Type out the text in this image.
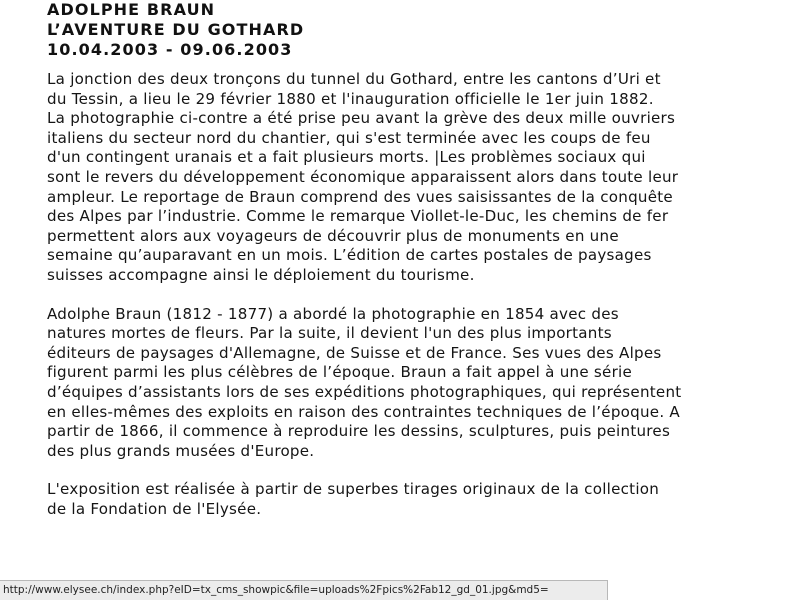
ADOLPHE BRAUN
L’AVENTURE DU GOTHARD
10.04.2003 - 09.06.2003

La jonction des deux tronçons du tunnel du Gothard, entre les cantons d’Uri et
du Tessin, a lieu le 29 février 1880 et l'inauguration officielle le 1er juin 1882.
La photographie ci-contre a été prise peu avant la grève des deux mille ouvriers
italiens du secteur nord du chantier, qui s'est terminée avec les coups de feu
d'un contingent uranais et a fait plusieurs morts. |Les problèmes sociaux qui
sont le revers du développement économique apparaissent alors dans toute leur
ampleur. Le reportage de Braun comprend des vues saisissantes de la conquête
des Alpes par l’industrie. Comme le remarque Viollet-le-Duc, les chemins de fer
permettent alors aux voyageurs de découvrir plus de monuments en une
semaine qu’auparavant en un mois. L’édition de cartes postales de paysages
suisses accompagne ainsi le déploiement du tourisme.

Adolphe Braun (1812 - 1877) a abordé la photographie en 1854 avec des
natures mortes de fleurs. Par la suite, il devient l'un des plus importants
éditeurs de paysages d'Allemagne, de Suisse et de France. Ses vues des Alpes
figurent parmi les plus célèbres de l’époque. Braun a fait appel à une série
d’équipes d’assistants lors de ses expéditions photographiques, qui représentent
en elles-mêmes des exploits en raison des contraintes techniques de l’époque. A
partir de 1866, il commence à reproduire les dessins, sculptures, puis peintures
des plus grands musées d'Europe.

L'exposition est réalisée à partir de superbes tirages originaux de la collection
de la Fondation de l'Elysée.

http://www.elysee.ch/index.php?eID=tx_cms_showpic&file=uploads%2Fpics%2Fab12_gd_01.jpg&md5=
